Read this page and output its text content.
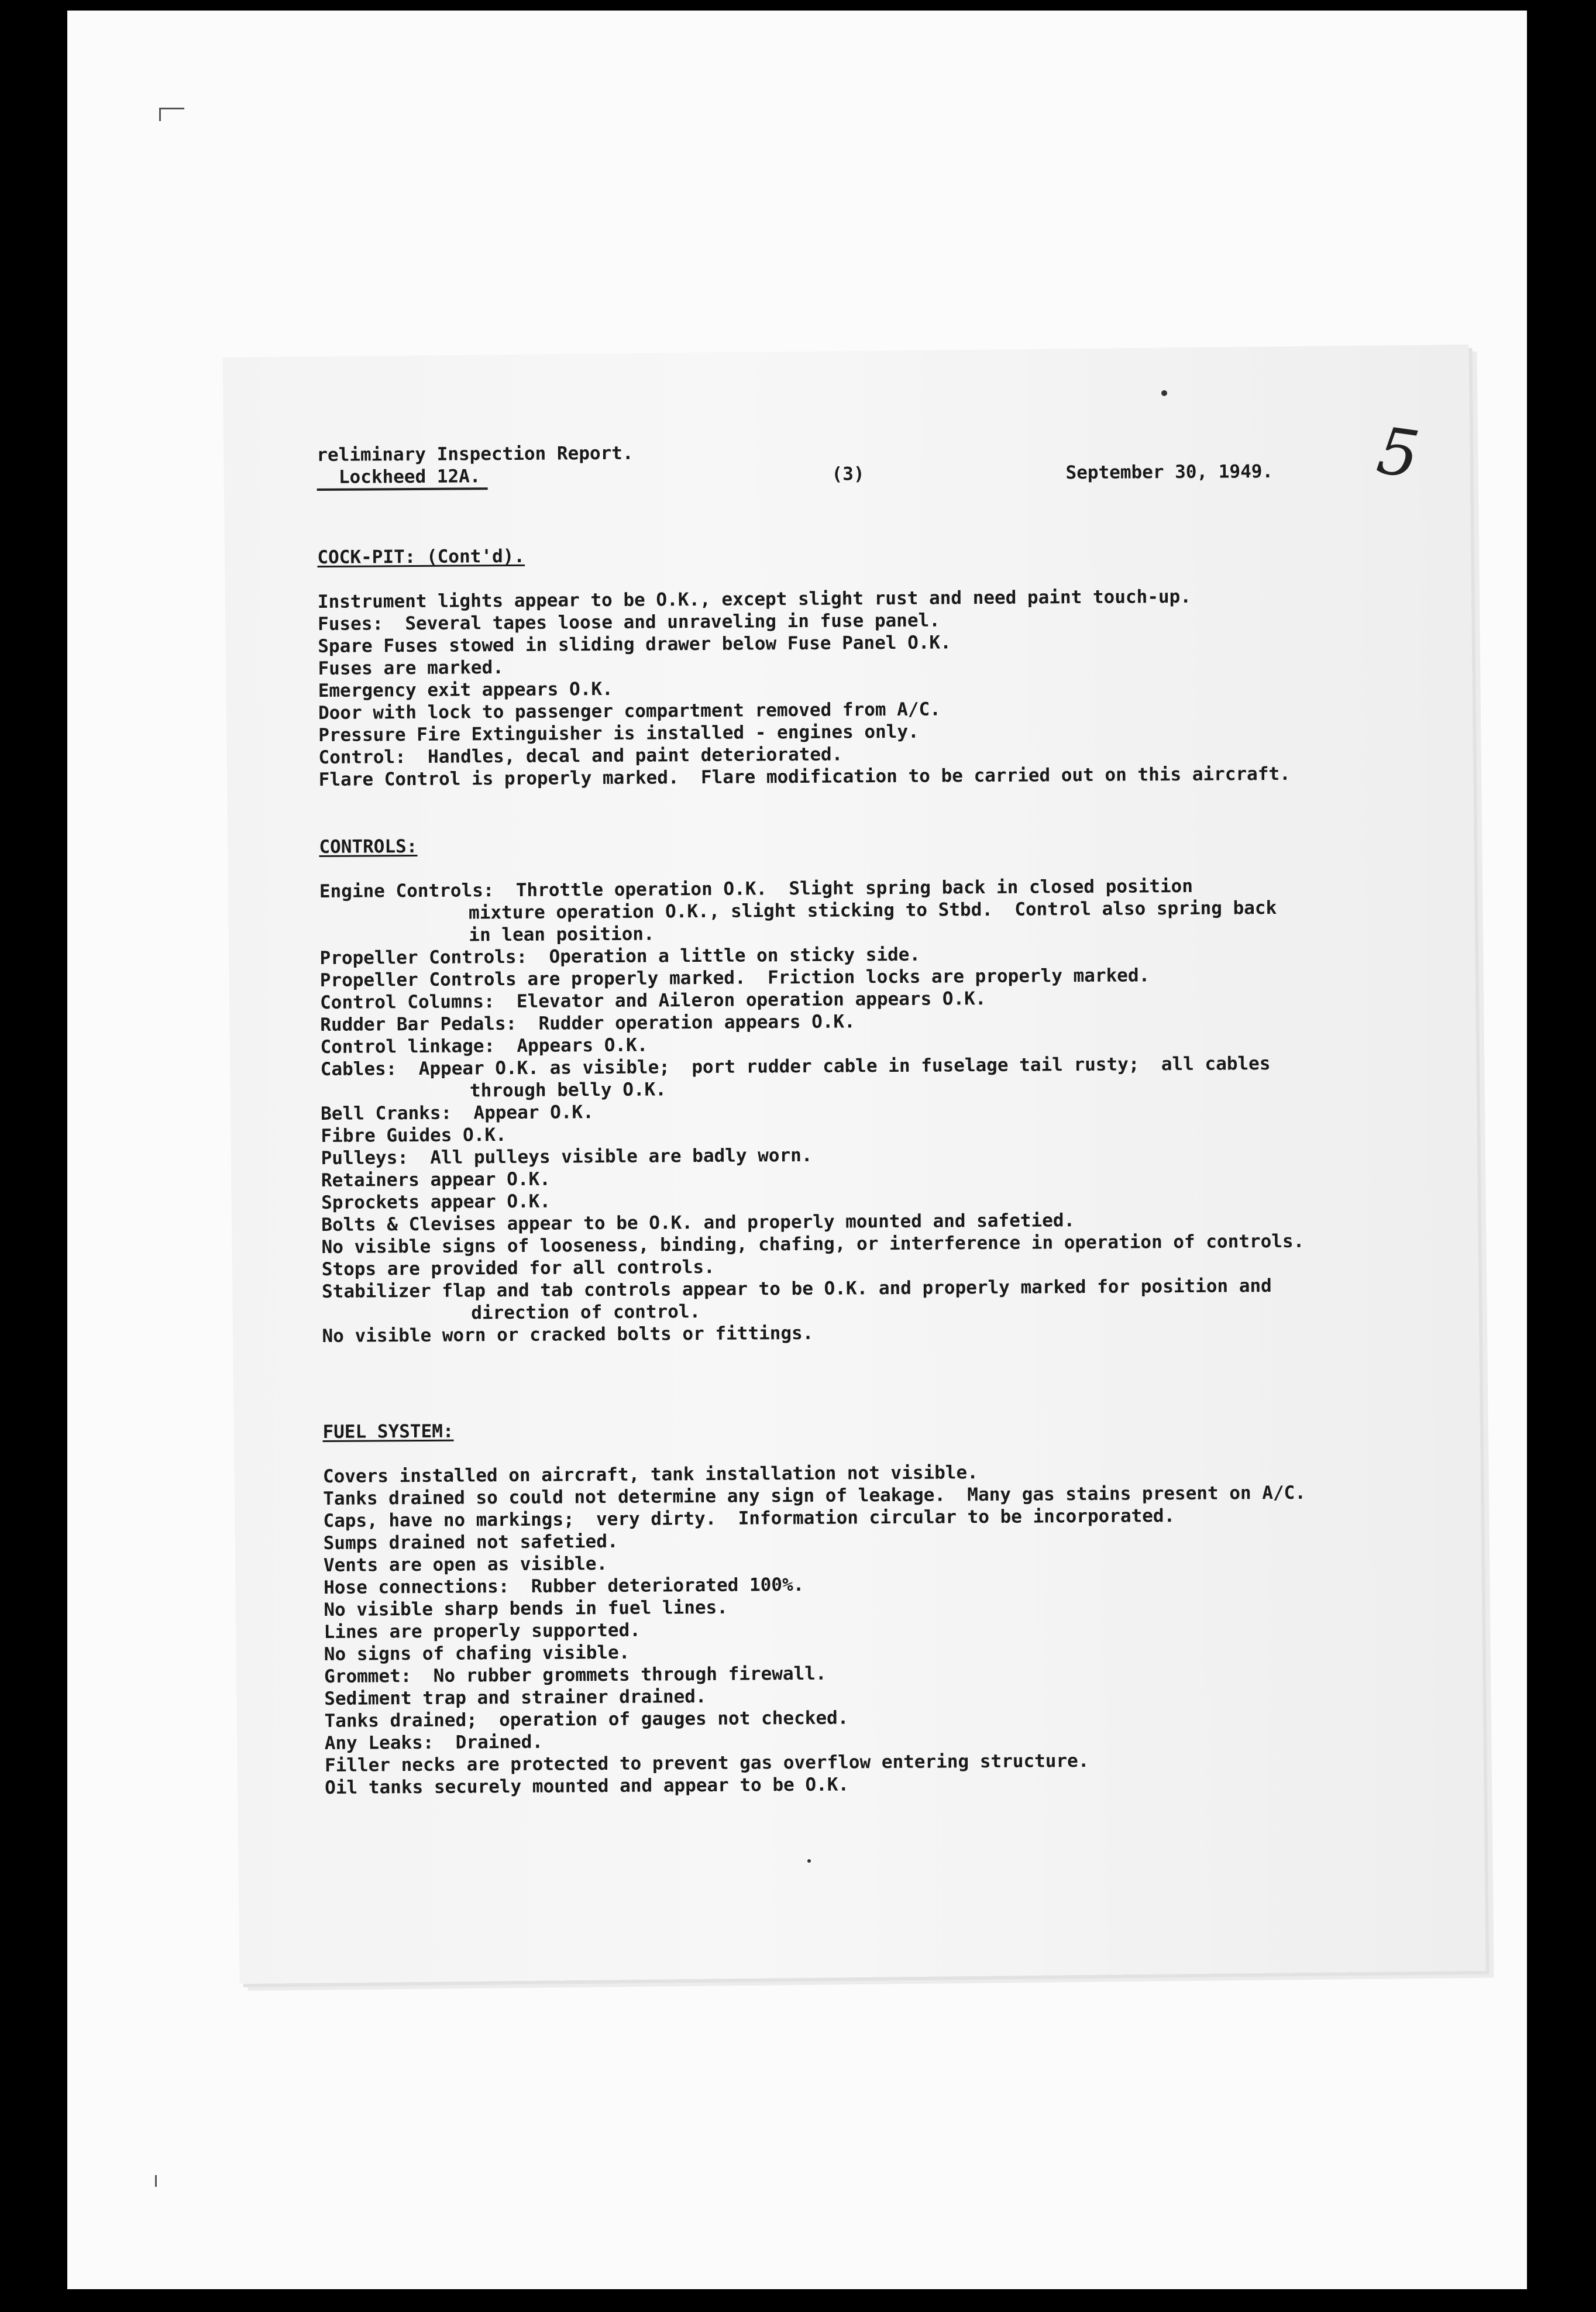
5
reliminary Inspection Report.
Lockheed 12A.	(3)	September 30, 1949.
COCK-PIT: (Cont'd).
Instrument lights appear to be O.K., except slight rust and need paint touch-up.
Fuses:  Several tapes loose and unraveling in fuse panel.
Spare Fuses stowed in sliding drawer below Fuse Panel O.K.
Fuses are marked.
Emergency exit appears O.K.
Door with lock to passenger compartment removed from A/C.
Pressure Fire Extinguisher is installed - engines only.
Control:  Handles, decal and paint deteriorated.
Flare Control is properly marked.  Flare modification to be carried out on this aircraft.
CONTROLS:
Engine Controls:  Throttle operation O.K.  Slight spring back in closed position
mixture operation O.K., slight sticking to Stbd.  Control also spring back
in lean position.
Propeller Controls:  Operation a little on sticky side.
Propeller Controls are properly marked.  Friction locks are properly marked.
Control Columns:  Elevator and Aileron operation appears O.K.
Rudder Bar Pedals:  Rudder operation appears O.K.
Control linkage:  Appears O.K.
Cables:  Appear O.K. as visible;  port rudder cable in fuselage tail rusty;  all cables
through belly O.K.
Bell Cranks:  Appear O.K.
Fibre Guides O.K.
Pulleys:  All pulleys visible are badly worn.
Retainers appear O.K.
Sprockets appear O.K.
Bolts & Clevises appear to be O.K. and properly mounted and safetied.
No visible signs of looseness, binding, chafing, or interference in operation of controls.
Stops are provided for all controls.
Stabilizer flap and tab controls appear to be O.K. and properly marked for position and
direction of control.
No visible worn or cracked bolts or fittings.
FUEL SYSTEM:
Covers installed on aircraft, tank installation not visible.
Tanks drained so could not determine any sign of leakage.  Many gas stains present on A/C.
Caps, have no markings;  very dirty.  Information circular to be incorporated.
Sumps drained not safetied.
Vents are open as visible.
Hose connections:  Rubber deteriorated 100%.
No visible sharp bends in fuel lines.
Lines are properly supported.
No signs of chafing visible.
Grommet:  No rubber grommets through firewall.
Sediment trap and strainer drained.
Tanks drained;  operation of gauges not checked.
Any Leaks:  Drained.
Filler necks are protected to prevent gas overflow entering structure.
Oil tanks securely mounted and appear to be O.K.
